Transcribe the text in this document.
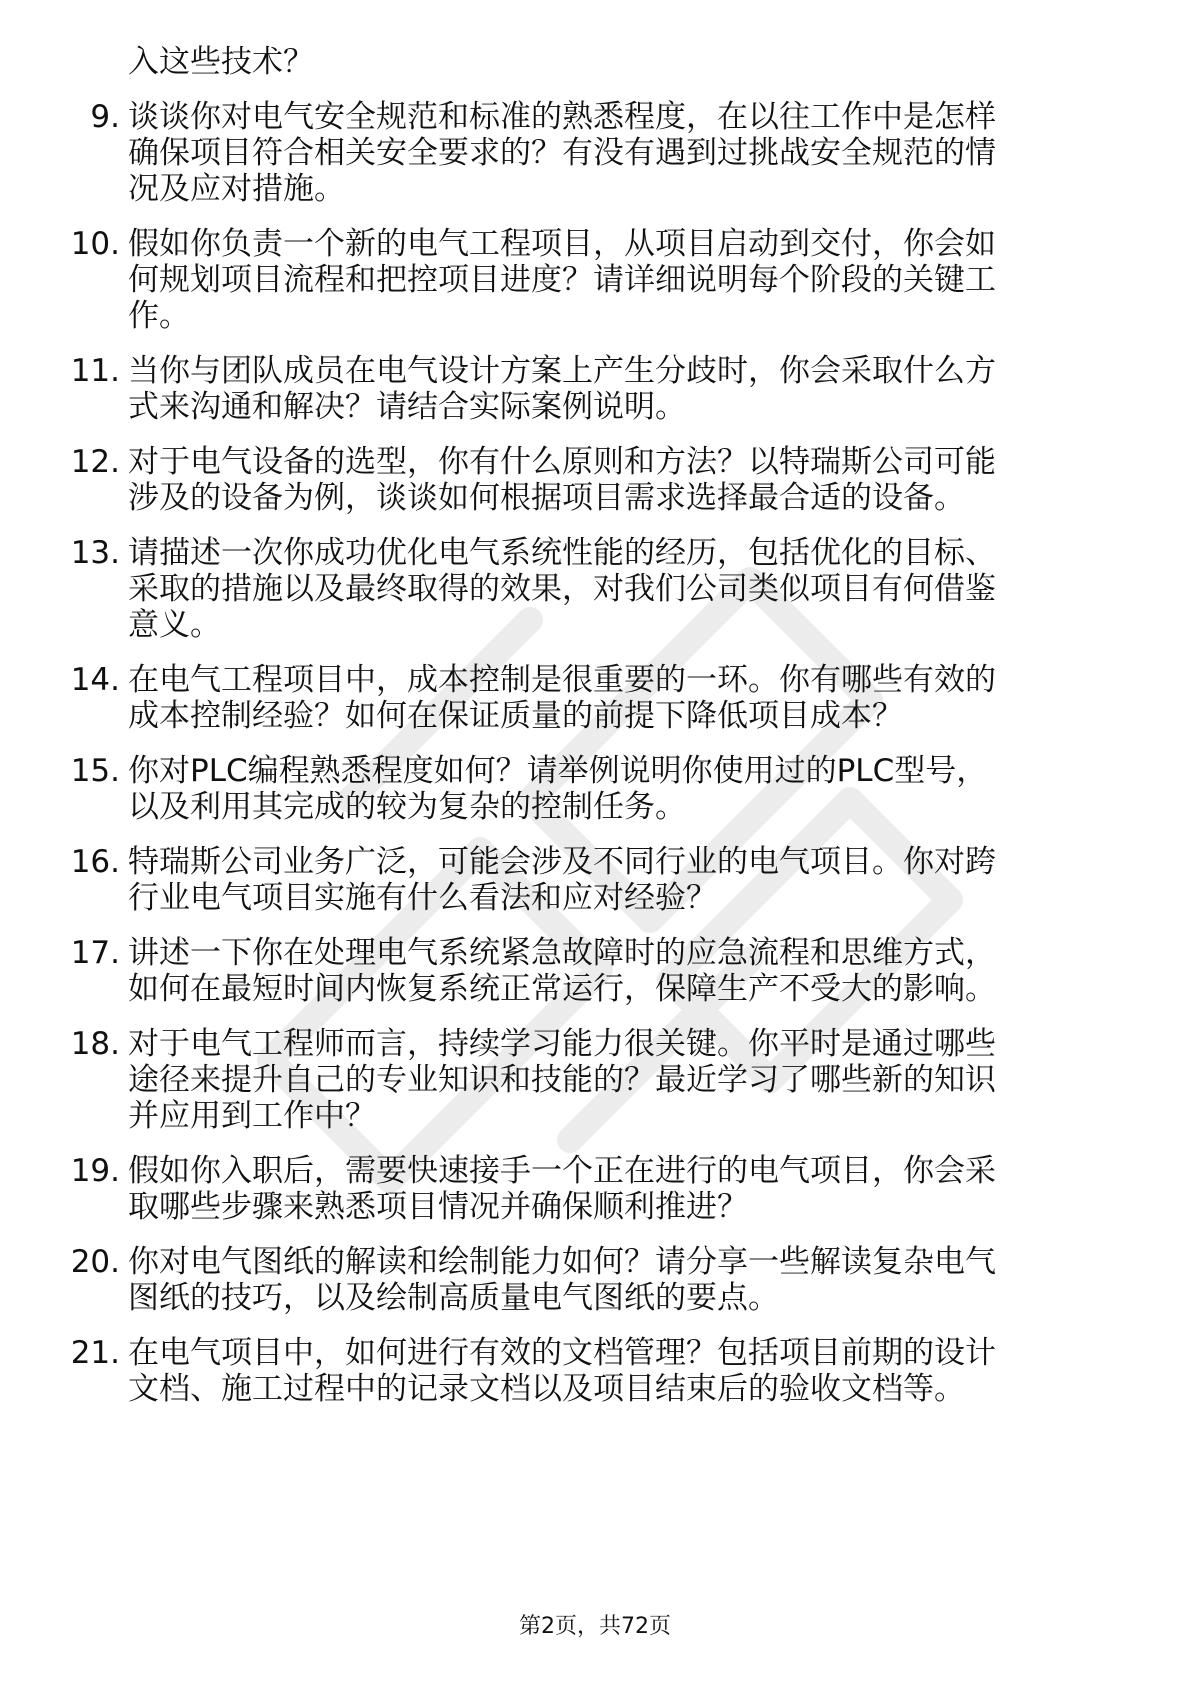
入这些技术？
9. 谈谈你对电气安全规范和标准的熟悉程度，在以往工作中是怎样
确保项目符合相关安全要求的？有没有遇到过挑战安全规范的情
况及应对措施。
10. 假如你负责一个新的电气工程项目，从项目启动到交付，你会如
何规划项目流程和把控项目进度？请详细说明每个阶段的关键工
作。
11. 当你与团队成员在电气设计方案上产生分歧时，你会采取什么方
式来沟通和解决？请结合实际案例说明。
12. 对于电气设备的选型，你有什么原则和方法？以特瑞斯公司可能
涉及的设备为例，谈谈如何根据项目需求选择最合适的设备。
13. 请描述一次你成功优化电气系统性能的经历，包括优化的目标、
采取的措施以及最终取得的效果，对我们公司类似项目有何借鉴
意义。
14. 在电气工程项目中，成本控制是很重要的一环。你有哪些有效的
成本控制经验？如何在保证质量的前提下降低项目成本？
15. 你对PLC编程熟悉程度如何？请举例说明你使用过的PLC型号，
以及利用其完成的较为复杂的控制任务。
16. 特瑞斯公司业务广泛，可能会涉及不同行业的电气项目。你对跨
行业电气项目实施有什么看法和应对经验？
17. 讲述一下你在处理电气系统紧急故障时的应急流程和思维方式，
如何在最短时间内恢复系统正常运行，保障生产不受大的影响。
18. 对于电气工程师而言，持续学习能力很关键。你平时是通过哪些
途径来提升自己的专业知识和技能的？最近学习了哪些新的知识
并应用到工作中？
19. 假如你入职后，需要快速接手一个正在进行的电气项目，你会采
取哪些步骤来熟悉项目情况并确保顺利推进？
20. 你对电气图纸的解读和绘制能力如何？请分享一些解读复杂电气
图纸的技巧，以及绘制高质量电气图纸的要点。
21. 在电气项目中，如何进行有效的文档管理？包括项目前期的设计
文档、施工过程中的记录文档以及项目结束后的验收文档等。
第2页，共72页
